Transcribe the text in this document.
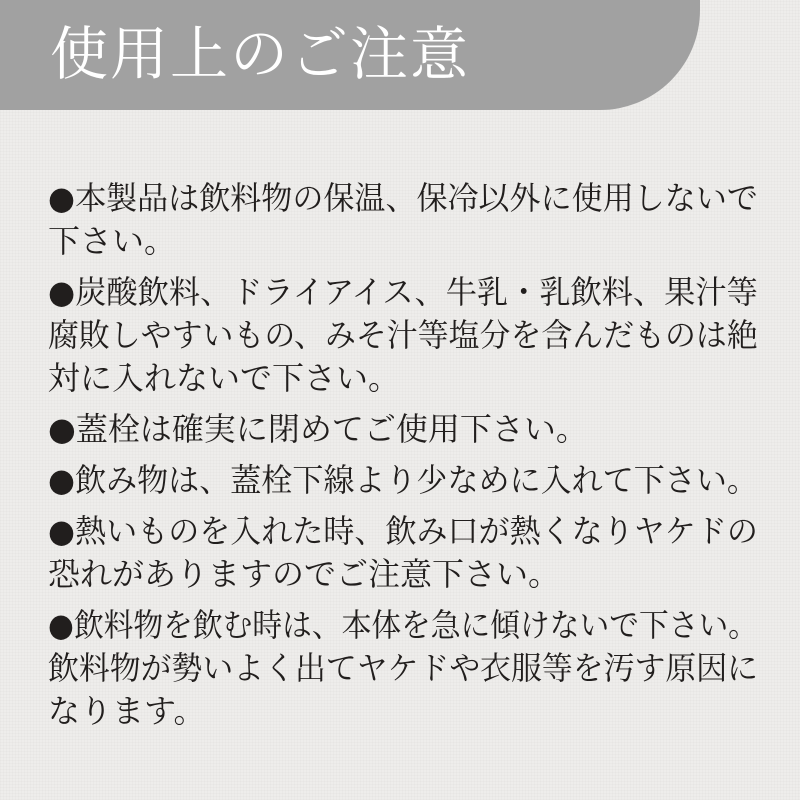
使用上のご注意

●本製品は飲料物の保温、保冷以外に使用しないで
下さい。

●炭酸飲料、ドライアイス、牛乳・乳飲料、果汁等
腐敗しやすいもの、みそ汁等塩分を含んだものは絶
対に入れないで下さい。

●蓋栓は確実に閉めてご使用下さい。

●飲み物は、蓋栓下線より少なめに入れて下さい。

●熱いものを入れた時、飲み口が熱くなりヤケドの
恐れがありますのでご注意下さい。

●飲料物を飲む時は、本体を急に傾けないで下さい。
飲料物が勢いよく出てヤケドや衣服等を汚す原因に
なります。
